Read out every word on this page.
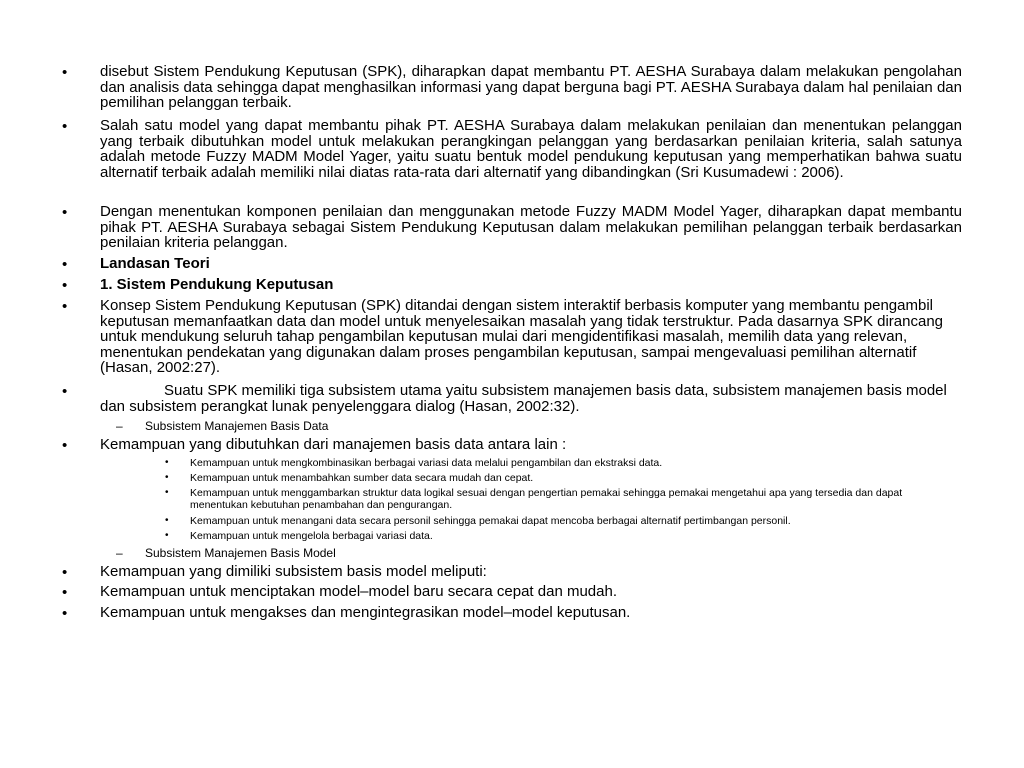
•	disebut Sistem Pendukung Keputusan (SPK), diharapkan dapat membantu PT. AESHA Surabaya dalam melakukan pengolahan dan analisis data sehingga dapat menghasilkan informasi yang dapat berguna bagi PT. AESHA Surabaya dalam hal penilaian dan pemilihan pelanggan terbaik.
•	Salah satu model yang dapat membantu pihak PT. AESHA Surabaya dalam melakukan penilaian dan menentukan pelanggan yang terbaik dibutuhkan model untuk melakukan perangkingan pelanggan yang berdasarkan penilaian kriteria, salah satunya adalah metode Fuzzy MADM Model Yager, yaitu suatu bentuk model pendukung keputusan yang memperhatikan bahwa suatu alternatif terbaik adalah memiliki nilai diatas rata-rata dari alternatif yang dibandingkan (Sri Kusumadewi : 2006).
•	Dengan menentukan komponen penilaian dan menggunakan metode Fuzzy MADM Model Yager, diharapkan dapat membantu pihak PT. AESHA Surabaya sebagai Sistem Pendukung Keputusan dalam melakukan pemilihan pelanggan terbaik berdasarkan penilaian kriteria pelanggan.
•	Landasan Teori
•	1. Sistem Pendukung Keputusan
•	Konsep Sistem Pendukung Keputusan (SPK) ditandai dengan sistem interaktif berbasis komputer yang membantu pengambil keputusan memanfaatkan data dan model untuk menyelesaikan masalah yang tidak terstruktur. Pada dasarnya SPK dirancang untuk mendukung seluruh tahap pengambilan keputusan mulai dari mengidentifikasi masalah, memilih data yang relevan, menentukan pendekatan yang digunakan dalam proses pengambilan keputusan, sampai mengevaluasi pemilihan alternatif (Hasan, 2002:27).
•	Suatu SPK memiliki tiga subsistem utama yaitu subsistem manajemen basis data, subsistem manajemen basis model dan subsistem perangkat lunak penyelenggara dialog (Hasan, 2002:32).
–	Subsistem Manajemen Basis Data
•	Kemampuan yang dibutuhkan dari manajemen basis data antara lain :
•	Kemampuan untuk mengkombinasikan berbagai variasi data melalui pengambilan dan ekstraksi data.
•	Kemampuan untuk menambahkan sumber data secara mudah dan cepat.
•	Kemampuan untuk menggambarkan struktur data logikal sesuai dengan pengertian pemakai sehingga pemakai mengetahui apa yang tersedia dan dapat menentukan kebutuhan penambahan dan pengurangan.
•	Kemampuan untuk menangani data secara personil sehingga pemakai dapat mencoba berbagai alternatif pertimbangan personil.
•	Kemampuan untuk mengelola berbagai variasi data.
–	Subsistem Manajemen Basis Model
•	Kemampuan yang dimiliki subsistem basis model meliputi:
•	Kemampuan untuk menciptakan model–model baru secara cepat dan mudah.
•	Kemampuan untuk mengakses dan mengintegrasikan model–model keputusan.
